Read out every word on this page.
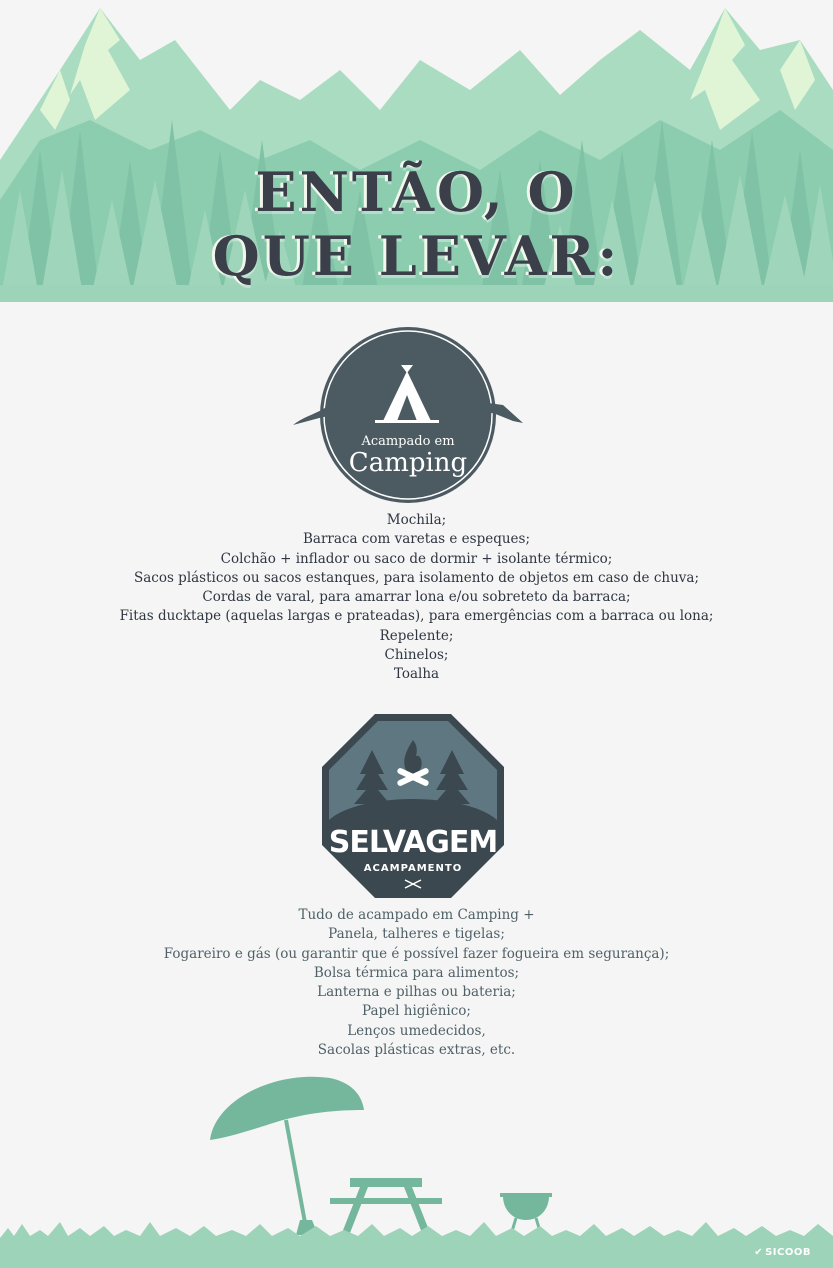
ENTÃO, O
QUE LEVAR:
Acampado em
Camping
Mochila;
Barraca com varetas e espeques;
Colchão + inflador ou saco de dormir + isolante térmico;
Sacos plásticos ou sacos estanques, para isolamento de objetos em caso de chuva;
Cordas de varal, para amarrar lona e/ou sobreteto da barraca;
Fitas ducktape (aquelas largas e prateadas), para emergências com a barraca ou lona;
Repelente;
Chinelos;
Toalha
SELVAGEM
ACAMPAMENTO
Tudo de acampado em Camping +
Panela, talheres e tigelas;
Fogareiro e gás (ou garantir que é possível fazer fogueira em segurança);
Bolsa térmica para alimentos;
Lanterna e pilhas ou bateria;
Papel higiênico;
Lenços umedecidos,
Sacolas plásticas extras, etc.
✔ SICOOB
